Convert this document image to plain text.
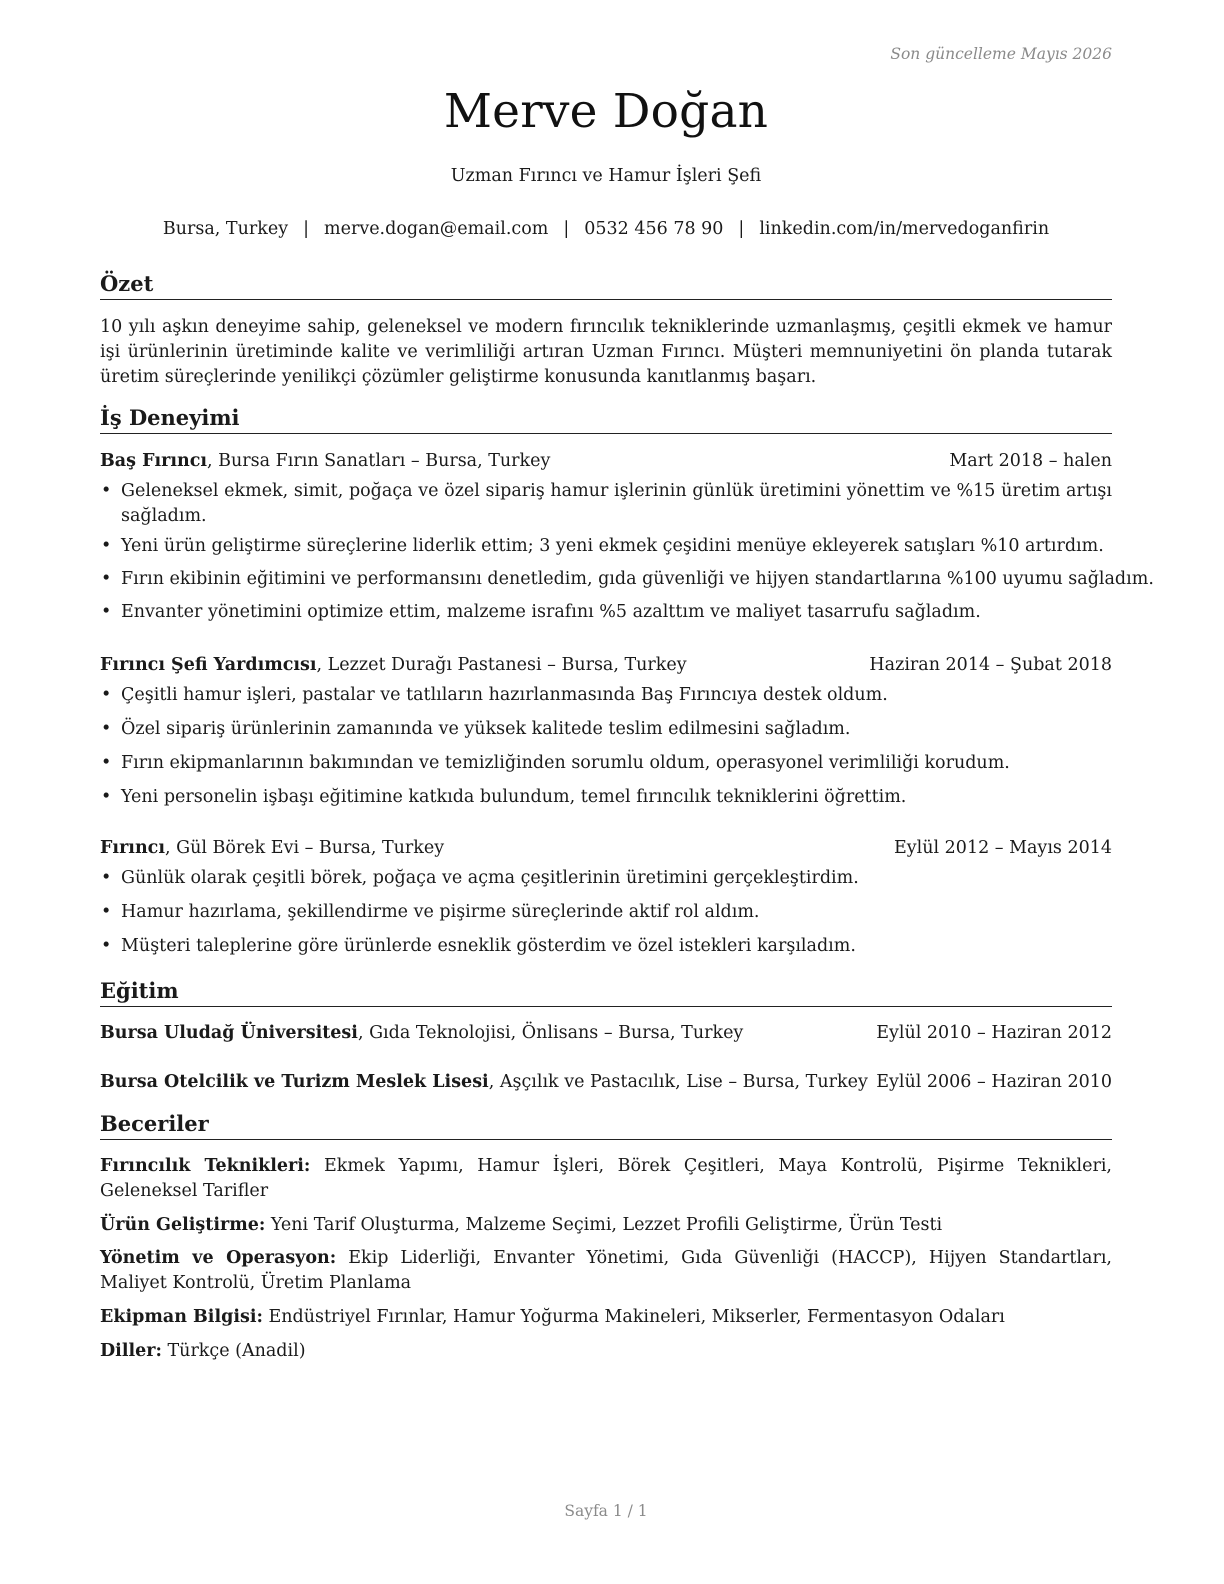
Son güncelleme Mayıs 2026
Merve Doğan
Uzman Fırıncı ve Hamur İşleri Şefi
Bursa, Turkey | merve.dogan@email.com | 0532 456 78 90 | linkedin.com/in/mervedoganfirin
Özet

10 yılı aşkın deneyime sahip, geleneksel ve modern fırıncılık tekniklerinde uzmanlaşmış, çeşitli ekmek ve hamur işi ürünlerinin üretiminde kalite ve verimliliği artıran Uzman Fırıncı. Müşteri memnuniyetini ön planda tutarak üretim süreçlerinde yenilikçi çözümler geliştirme konusunda kanıtlanmış başarı.

İş Deneyimi
Baş Fırıncı, Bursa Fırın Sanatları – Bursa, Turkey	Mart 2018 – halen
• Geleneksel ekmek, simit, poğaça ve özel sipariş hamur işlerinin günlük üretimini yönettim ve %15 üretim artışı sağladım.
• Yeni ürün geliştirme süreçlerine liderlik ettim; 3 yeni ekmek çeşidini menüye ekleyerek satışları %10 artırdım.
• Fırın ekibinin eğitimini ve performansını denetledim, gıda güvenliği ve hijyen standartlarına %100 uyumu sağladım.
• Envanter yönetimini optimize ettim, malzeme israfını %5 azalttım ve maliyet tasarrufu sağladım.
Fırıncı Şefi Yardımcısı, Lezzet Durağı Pastanesi – Bursa, Turkey	Haziran 2014 – Şubat 2018
• Çeşitli hamur işleri, pastalar ve tatlıların hazırlanmasında Baş Fırıncıya destek oldum.
• Özel sipariş ürünlerinin zamanında ve yüksek kalitede teslim edilmesini sağladım.
• Fırın ekipmanlarının bakımından ve temizliğinden sorumlu oldum, operasyonel verimliliği korudum.
• Yeni personelin işbaşı eğitimine katkıda bulundum, temel fırıncılık tekniklerini öğrettim.
Fırıncı, Gül Börek Evi – Bursa, Turkey	Eylül 2012 – Mayıs 2014
• Günlük olarak çeşitli börek, poğaça ve açma çeşitlerinin üretimini gerçekleştirdim.
• Hamur hazırlama, şekillendirme ve pişirme süreçlerinde aktif rol aldım.
• Müşteri taleplerine göre ürünlerde esneklik gösterdim ve özel istekleri karşıladım.
Eğitim
Bursa Uludağ Üniversitesi, Gıda Teknolojisi, Önlisans – Bursa, Turkey	Eylül 2010 – Haziran 2012
Bursa Otelcilik ve Turizm Meslek Lisesi, Aşçılık ve Pastacılık, Lise – Bursa, Turkey Eylül 2006 – Haziran 2010
Beceriler

Fırıncılık Teknikleri: Ekmek Yapımı, Hamur İşleri, Börek Çeşitleri, Maya Kontrolü, Pişirme Teknikleri, Geleneksel Tarifler

Ürün Geliştirme: Yeni Tarif Oluşturma, Malzeme Seçimi, Lezzet Profili Geliştirme, Ürün Testi

Yönetim ve Operasyon: Ekip Liderliği, Envanter Yönetimi, Gıda Güvenliği (HACCP), Hijyen Standartları, Maliyet Kontrolü, Üretim Planlama

Ekipman Bilgisi: Endüstriyel Fırınlar, Hamur Yoğurma Makineleri, Mikserler, Fermentasyon Odaları

Diller: Türkçe (Anadil)

Sayfa 1 / 1
